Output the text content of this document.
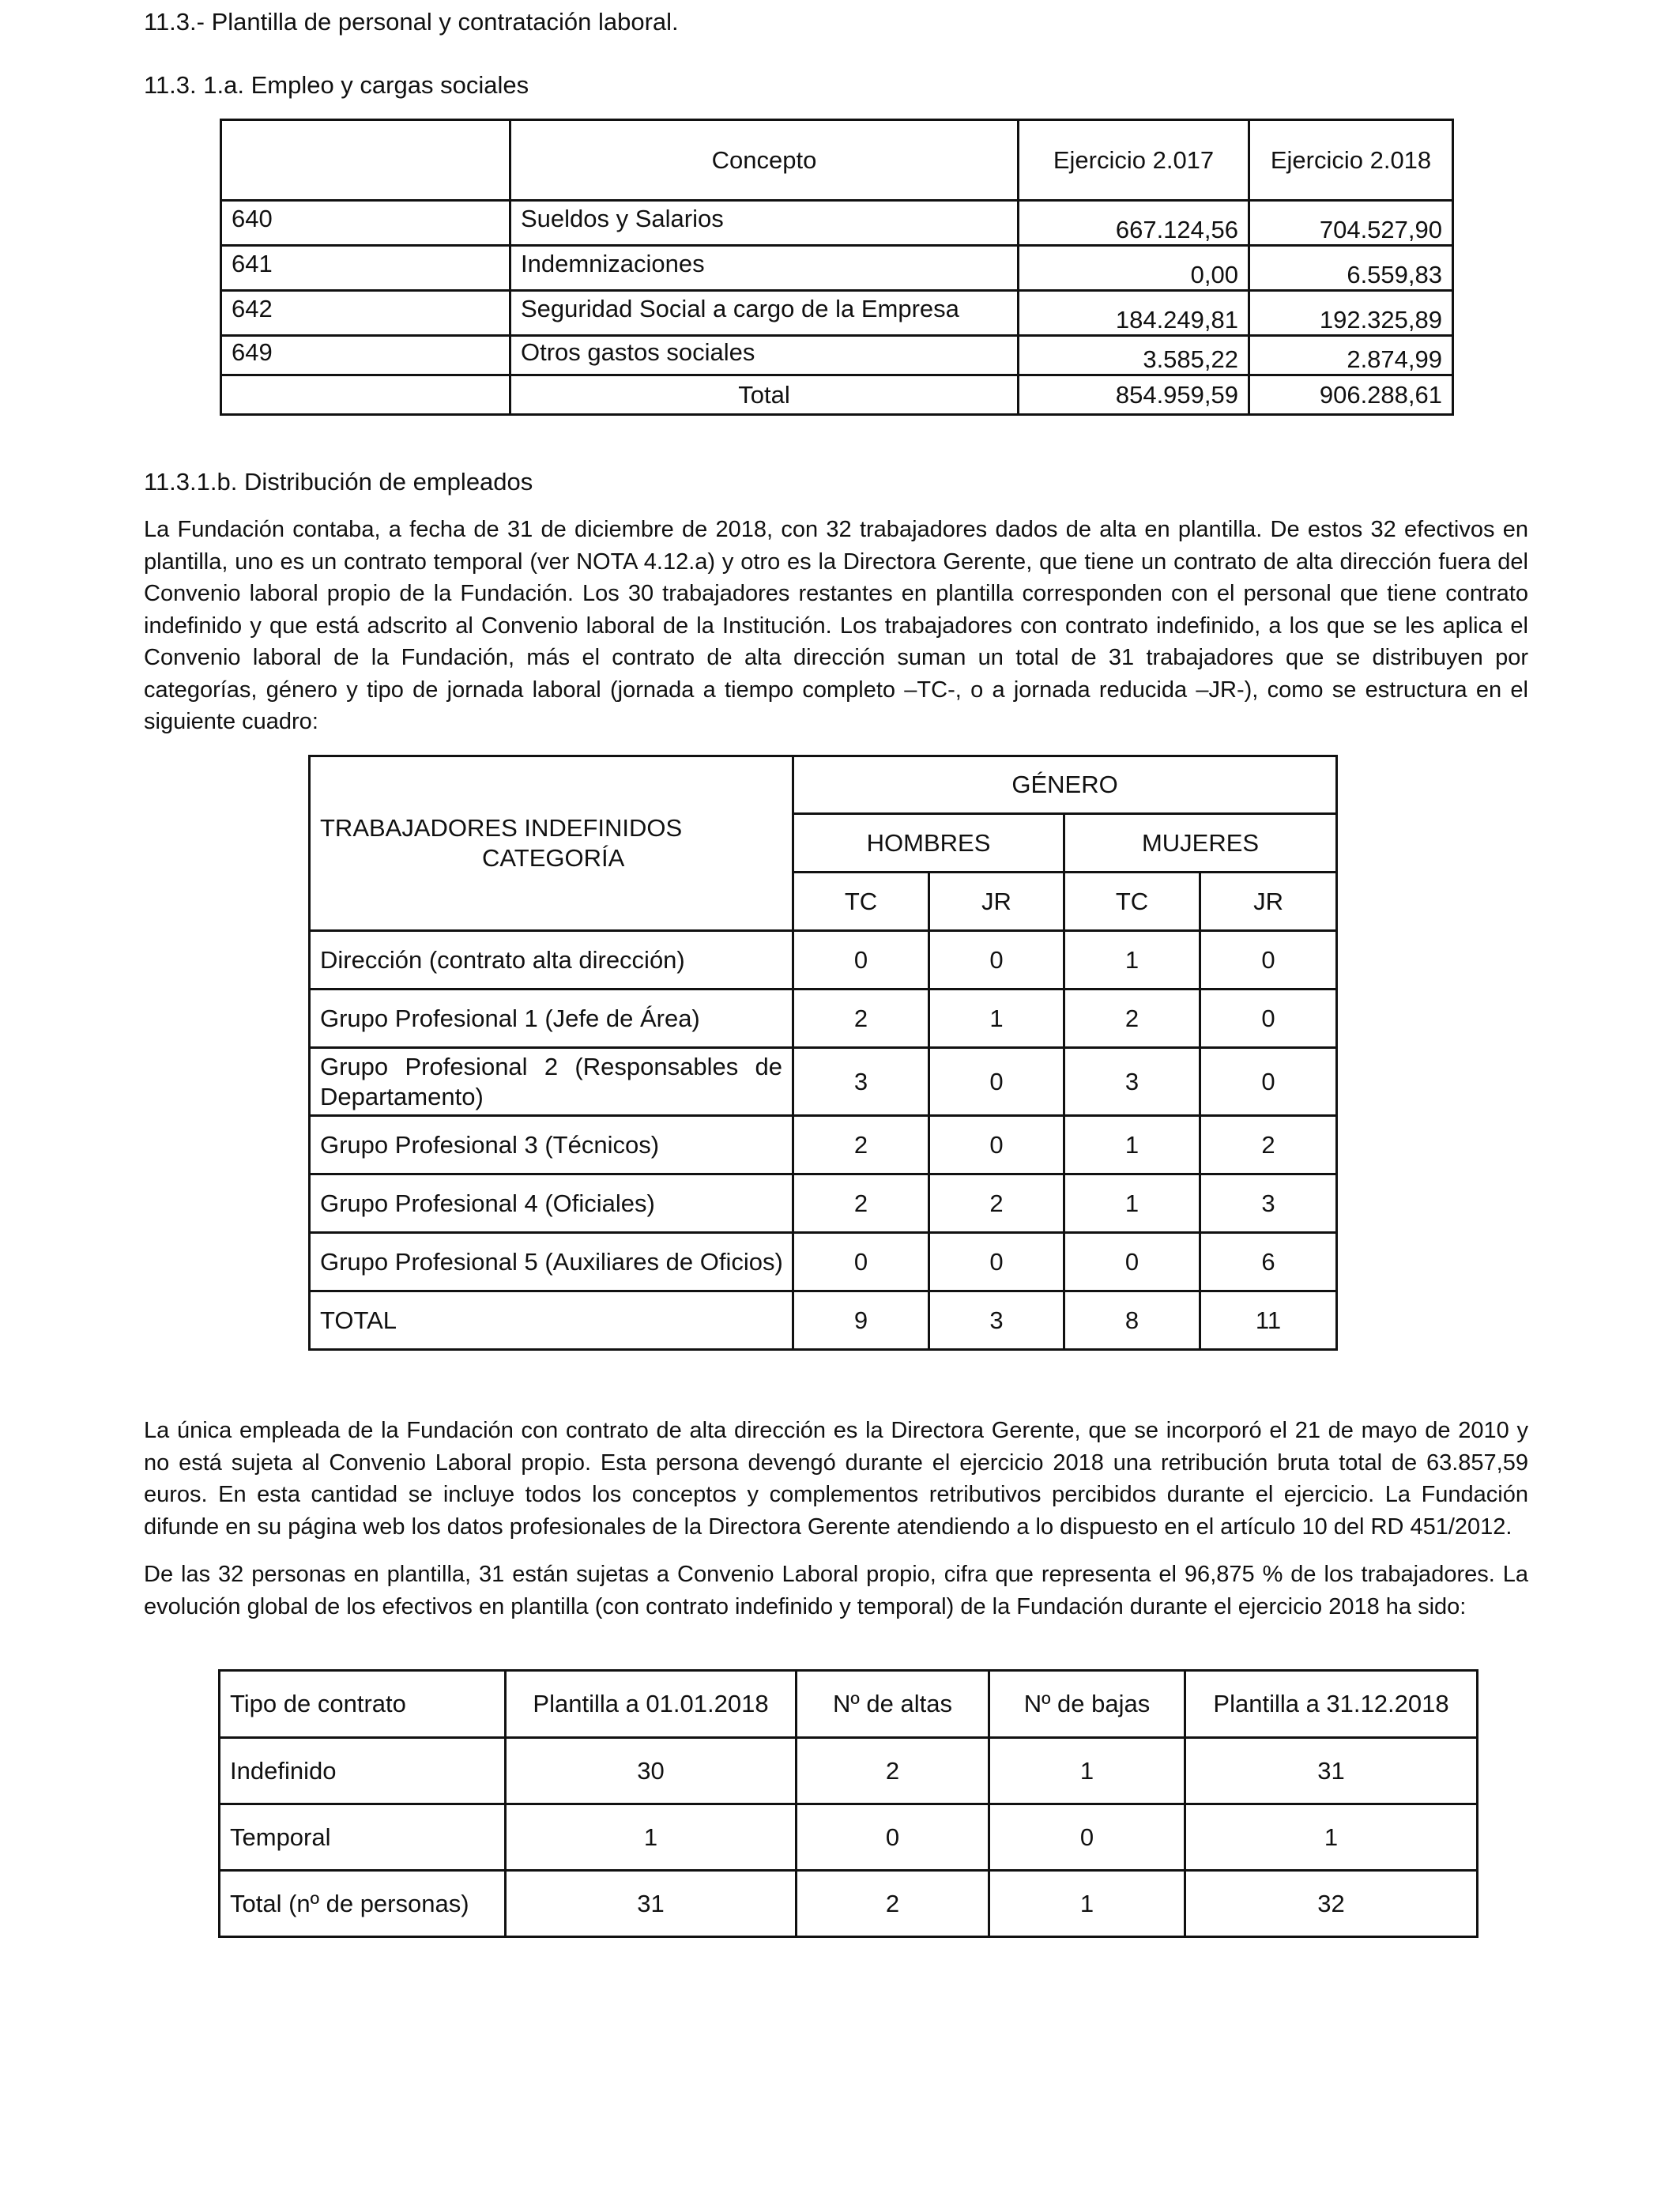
11.3.- Plantilla de personal y contratación laboral.
11.3. 1.a. Empleo y cargas sociales
	Concepto	Ejercicio 2.017	Ejercicio 2.018
640	Sueldos y Salarios	667.124,56	704.527,90
641	Indemnizaciones	0,00	6.559,83
642	Seguridad Social a cargo de la Empresa	184.249,81	192.325,89
649	Otros gastos sociales	3.585,22	2.874,99
	Total	854.959,59	906.288,61
11.3.1.b. Distribución de empleados
La Fundación contaba, a fecha de 31 de diciembre de 2018, con 32 trabajadores dados de alta en plantilla. De estos 32 efectivos en plantilla, uno es un contrato temporal (ver NOTA 4.12.a) y otro es la Directora Gerente, que tiene un contrato de alta dirección fuera del Convenio laboral propio de la Fundación. Los 30 trabajadores restantes en plantilla corresponden con el personal que tiene contrato indefinido y que está adscrito al Convenio laboral de la Institución. Los trabajadores con contrato indefinido, a los que se les aplica el Convenio laboral de la Fundación, más el contrato de alta dirección suman un total de 31 trabajadores que se distribuyen por categorías, género y tipo de jornada laboral (jornada a tiempo completo –TC-, o a jornada reducida –JR-), como se estructura en el siguiente cuadro:
TRABAJADORES INDEFINIDOS
CATEGORÍA	GÉNERO			
	HOMBRES		MUJERES	
	TC	JR	TC	JR
Dirección (contrato alta dirección)	0	0	1	0
Grupo Profesional 1 (Jefe de Área)	2	1	2	0

Grupo Profesional 2 (Responsables de
Departamento)	3	0	3	0
Grupo Profesional 3 (Técnicos)	2	0	1	2
Grupo Profesional 4 (Oficiales)	2	2	1	3
Grupo Profesional 5 (Auxiliares de Oficios)	0	0	0	6
TOTAL	9	3	8	11
La única empleada de la Fundación con contrato de alta dirección es la Directora Gerente, que se incorporó el 21 de mayo de 2010 y no está sujeta al Convenio Laboral propio. Esta persona devengó durante el ejercicio 2018 una retribución bruta total de 63.857,59 euros. En esta cantidad se incluye todos los conceptos y complementos retributivos percibidos durante el ejercicio. La Fundación difunde en su página web los datos profesionales de la Directora Gerente atendiendo a lo dispuesto en el artículo 10 del RD 451/2012.
De las 32 personas en plantilla, 31 están sujetas a Convenio Laboral propio, cifra que representa el 96,875 % de los trabajadores. La evolución global de los efectivos en plantilla (con contrato indefinido y temporal) de la Fundación durante el ejercicio 2018 ha sido:
Tipo de contrato	Plantilla a 01.01.2018	Nº de altas	Nº de bajas	Plantilla a 31.12.2018
Indefinido	30	2	1	31
Temporal	1	0	0	1
Total (nº de personas)	31	2	1	32
